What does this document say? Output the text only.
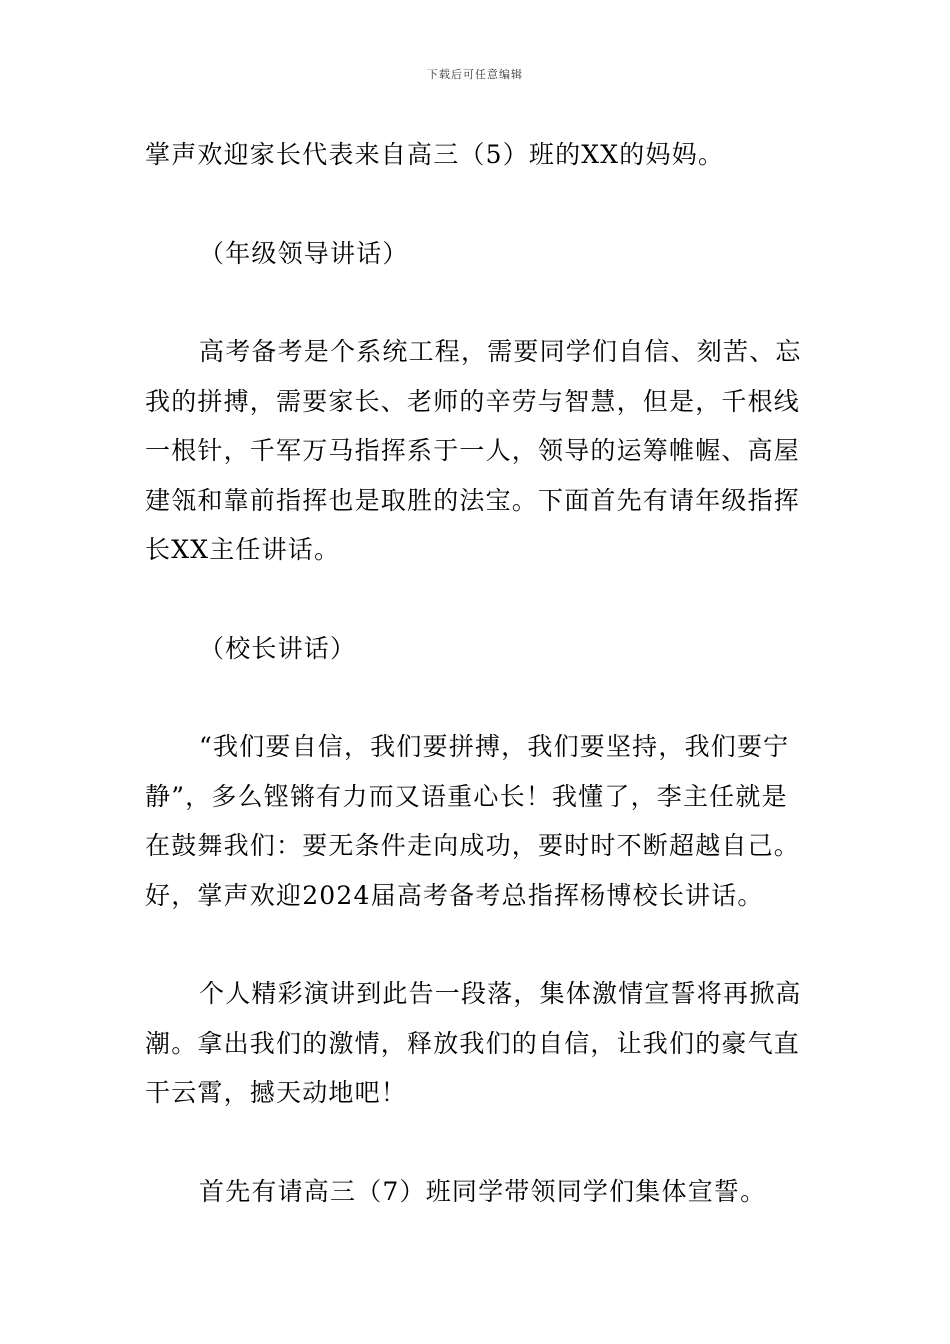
下载后可任意编辑

掌声欢迎家长代表来自高三（5）班的XX的妈妈。

（年级领导讲话）

高考备考是个系统工程，需要同学们自信、刻苦、忘我的拼搏，需要家长、老师的辛劳与智慧，但是，千根线一根针，千军万马指挥系于一人，领导的运筹帷幄、高屋建瓴和靠前指挥也是取胜的法宝。下面首先有请年级指挥长XX主任讲话。

（校长讲话）

“我们要自信，我们要拼搏，我们要坚持，我们要宁静”，多么铿锵有力而又语重心长！我懂了，李主任就是在鼓舞我们：要无条件走向成功，要时时不断超越自己。好，掌声欢迎2024届高考备考总指挥杨博校长讲话。

个人精彩演讲到此告一段落，集体激情宣誓将再掀高潮。拿出我们的激情，释放我们的自信，让我们的豪气直干云霄，撼天动地吧！

首先有请高三（7）班同学带领同学们集体宣誓。
